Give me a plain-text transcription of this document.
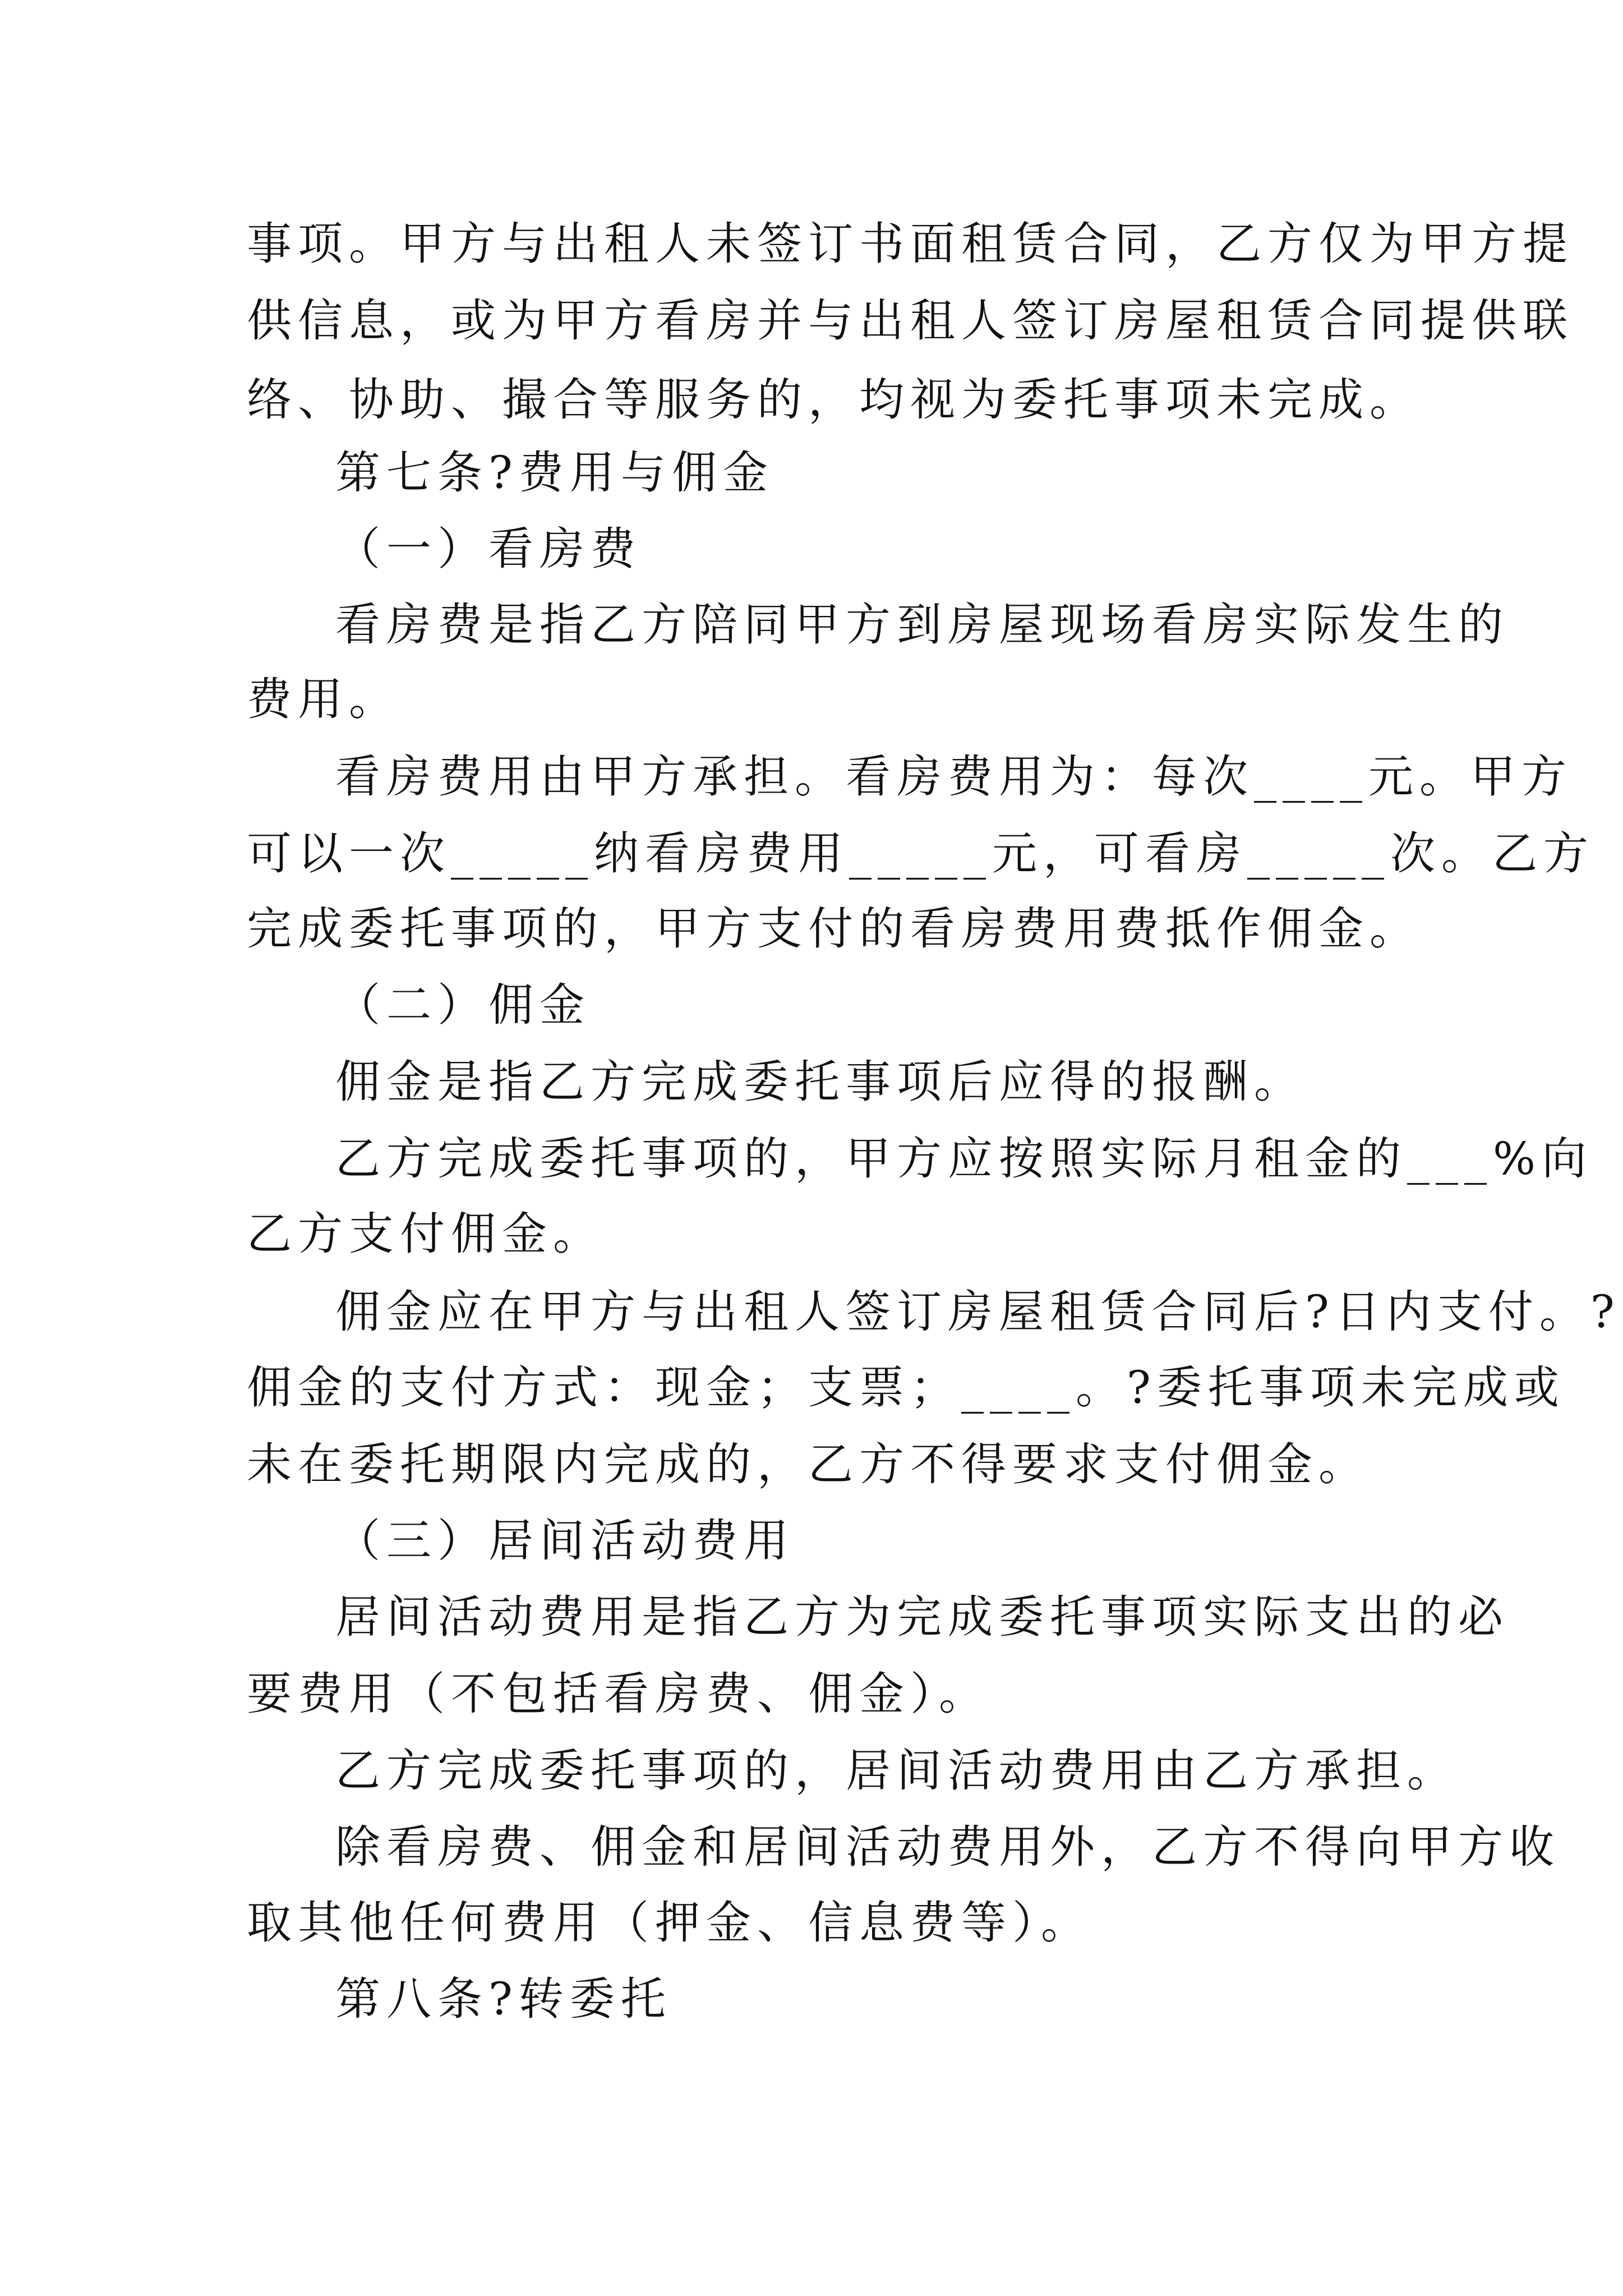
事项。甲方与出租人未签订书面租赁合同，乙方仅为甲方提
供信息，或为甲方看房并与出租人签订房屋租赁合同提供联
络、协助、撮合等服务的，均视为委托事项未完成。
第七条?费用与佣金
（一）看房费
看房费是指乙方陪同甲方到房屋现场看房实际发生的
费用。
看房费用由甲方承担。看房费用为：每次____元。甲方
可以一次_____纳看房费用_____元，可看房_____次。乙方
完成委托事项的，甲方支付的看房费用费抵作佣金。
（二）佣金
佣金是指乙方完成委托事项后应得的报酬。
乙方完成委托事项的，甲方应按照实际月租金的___%向
乙方支付佣金。
佣金应在甲方与出租人签订房屋租赁合同后?日内支付。?
佣金的支付方式：现金；支票；____。?委托事项未完成或
未在委托期限内完成的，乙方不得要求支付佣金。
（三）居间活动费用
居间活动费用是指乙方为完成委托事项实际支出的必
要费用（不包括看房费、佣金）。
乙方完成委托事项的，居间活动费用由乙方承担。
除看房费、佣金和居间活动费用外，乙方不得向甲方收
取其他任何费用（押金、信息费等）。
第八条?转委托
